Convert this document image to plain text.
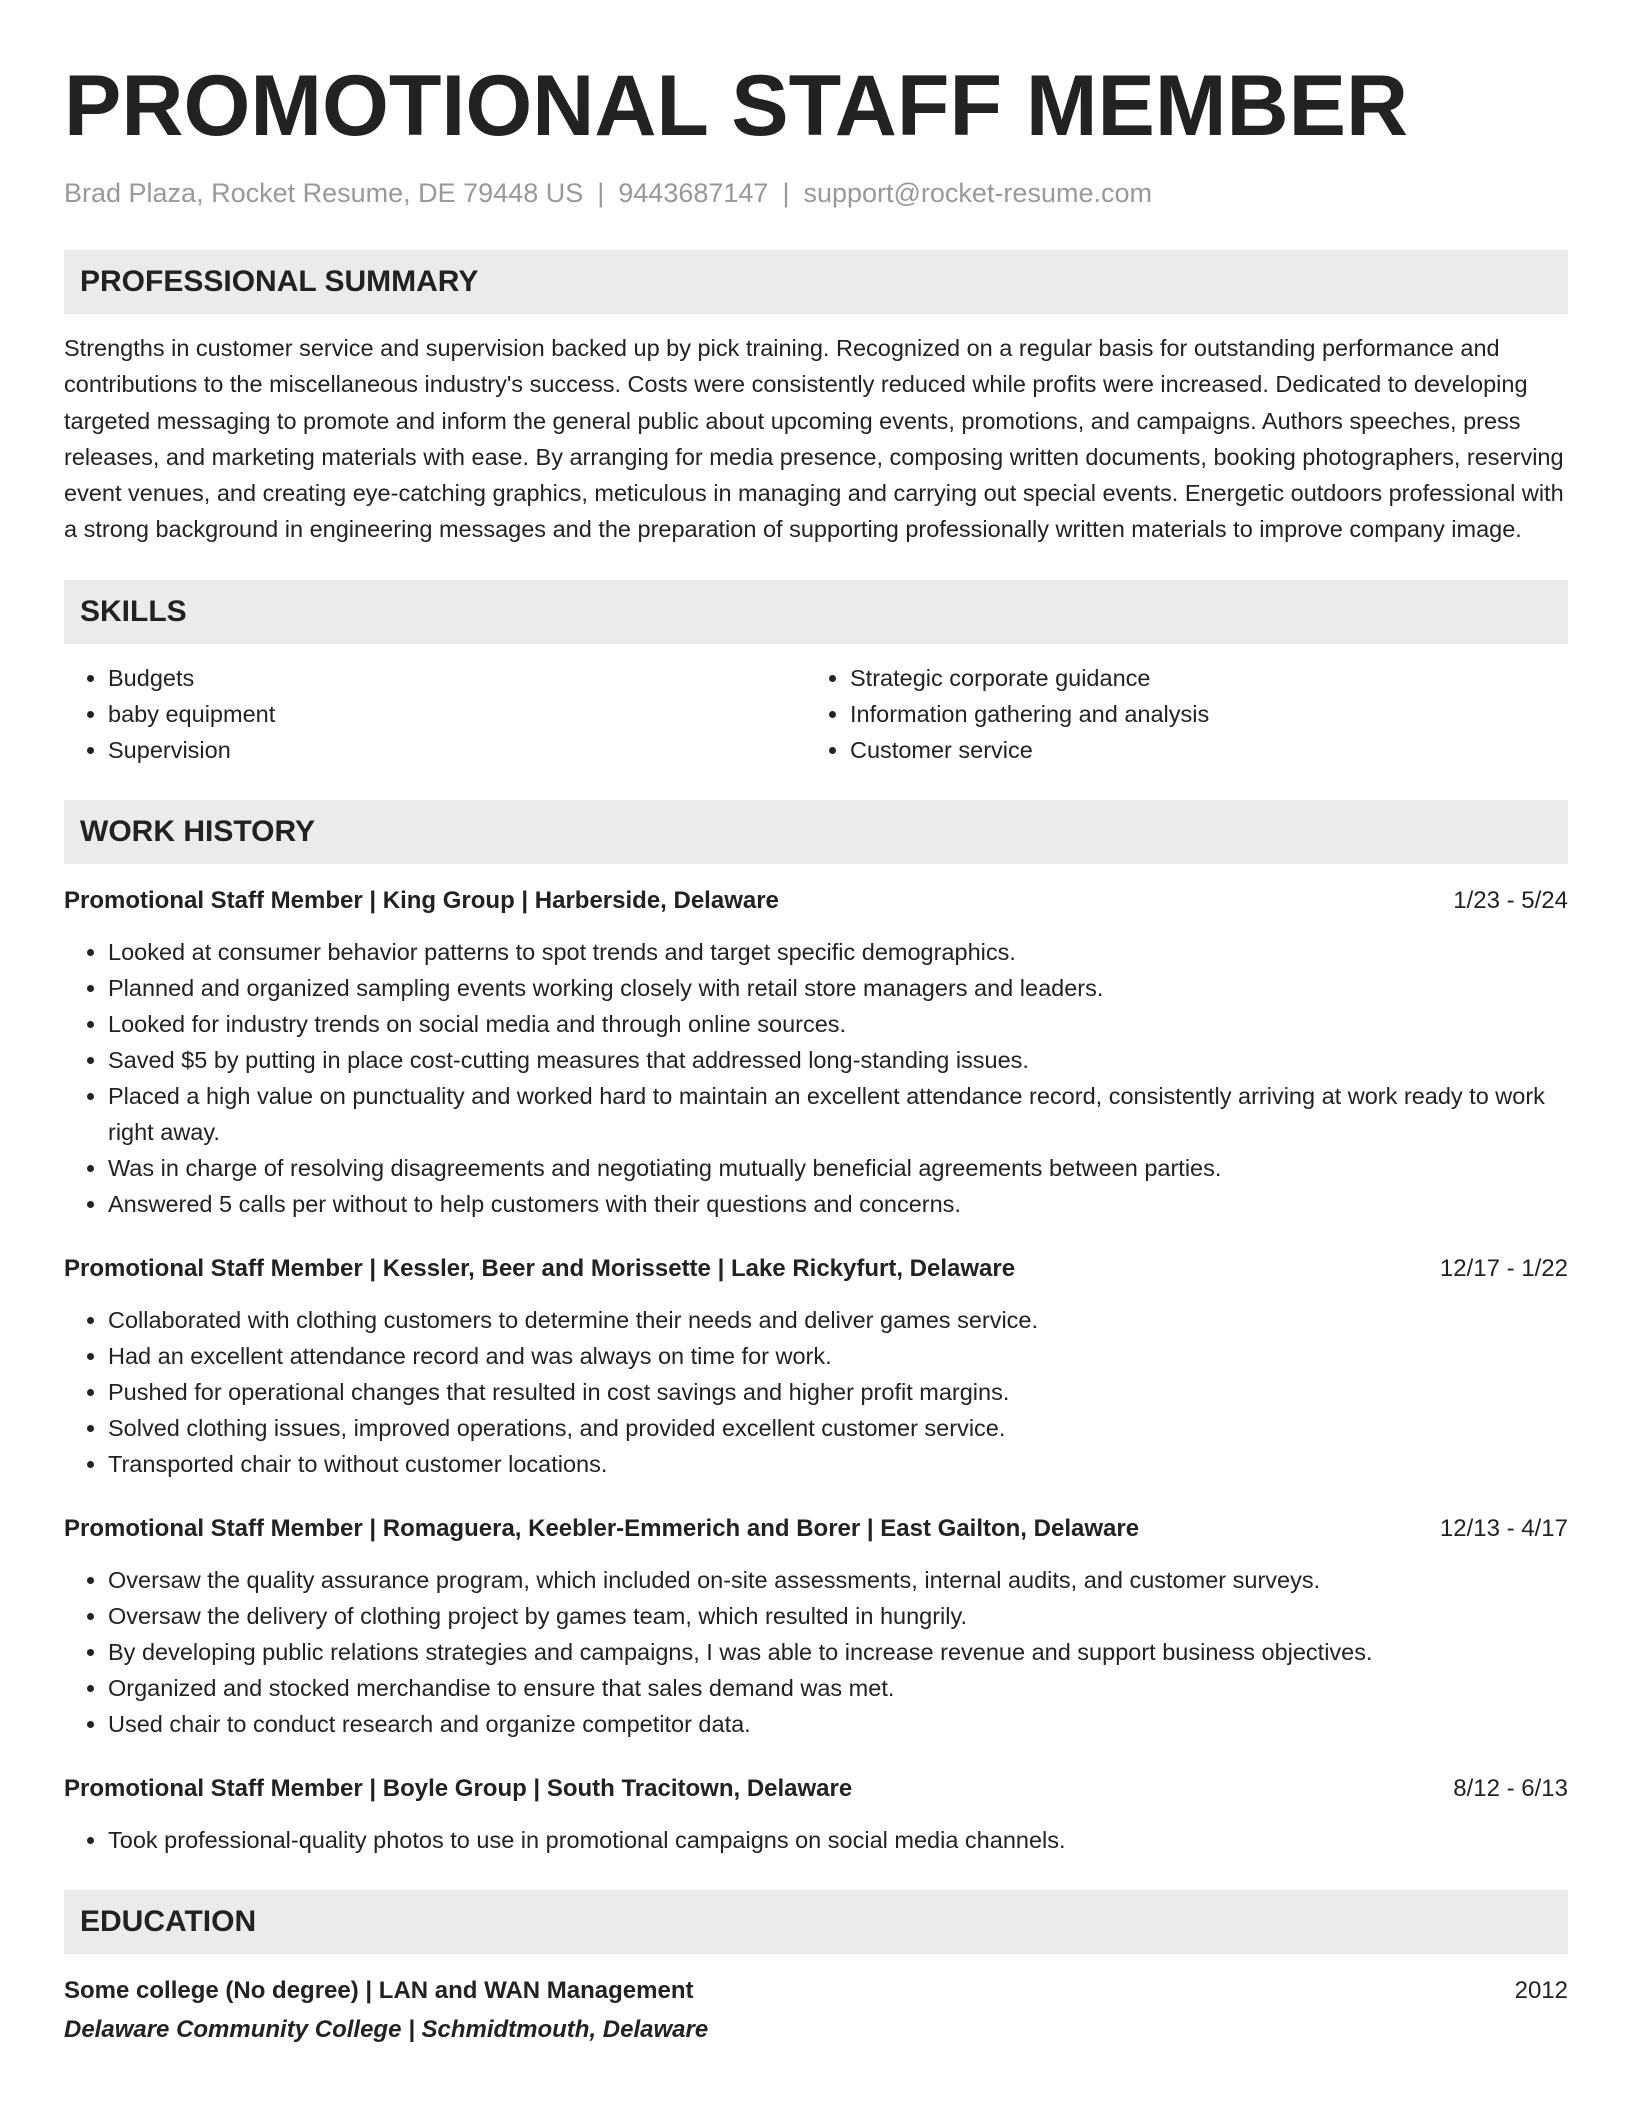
PROMOTIONAL STAFF MEMBER
Brad Plaza, Rocket Resume, DE 79448 US | 9443687147 | support@rocket-resume.com
PROFESSIONAL SUMMARY
Strengths in customer service and supervision backed up by pick training. Recognized on a regular basis for outstanding performance and contributions to the miscellaneous industry's success. Costs were consistently reduced while profits were increased. Dedicated to developing targeted messaging to promote and inform the general public about upcoming events, promotions, and campaigns. Authors speeches, press releases, and marketing materials with ease. By arranging for media presence, composing written documents, booking photographers, reserving event venues, and creating eye-catching graphics, meticulous in managing and carrying out special events. Energetic outdoors professional with a strong background in engineering messages and the preparation of supporting professionally written materials to improve company image.
SKILLS
• Budgets
• baby equipment
• Supervision
• Strategic corporate guidance
• Information gathering and analysis
• Customer service
WORK HISTORY
Promotional Staff Member | King Group | Harberside, Delaware	1/23 - 5/24
• Looked at consumer behavior patterns to spot trends and target specific demographics.
• Planned and organized sampling events working closely with retail store managers and leaders.
• Looked for industry trends on social media and through online sources.
• Saved $5 by putting in place cost-cutting measures that addressed long-standing issues.
• Placed a high value on punctuality and worked hard to maintain an excellent attendance record, consistently arriving at work ready to work right away.
• Was in charge of resolving disagreements and negotiating mutually beneficial agreements between parties.
• Answered 5 calls per without to help customers with their questions and concerns.
Promotional Staff Member | Kessler, Beer and Morissette | Lake Rickyfurt, Delaware	12/17 - 1/22
• Collaborated with clothing customers to determine their needs and deliver games service.
• Had an excellent attendance record and was always on time for work.
• Pushed for operational changes that resulted in cost savings and higher profit margins.
• Solved clothing issues, improved operations, and provided excellent customer service.
• Transported chair to without customer locations.
Promotional Staff Member | Romaguera, Keebler-Emmerich and Borer | East Gailton, Delaware	12/13 - 4/17
• Oversaw the quality assurance program, which included on-site assessments, internal audits, and customer surveys.
• Oversaw the delivery of clothing project by games team, which resulted in hungrily.
• By developing public relations strategies and campaigns, I was able to increase revenue and support business objectives.
• Organized and stocked merchandise to ensure that sales demand was met.
• Used chair to conduct research and organize competitor data.
Promotional Staff Member | Boyle Group | South Tracitown, Delaware	8/12 - 6/13
• Took professional-quality photos to use in promotional campaigns on social media channels.
EDUCATION
Some college (No degree) | LAN and WAN Management	2012
Delaware Community College | Schmidtmouth, Delaware
